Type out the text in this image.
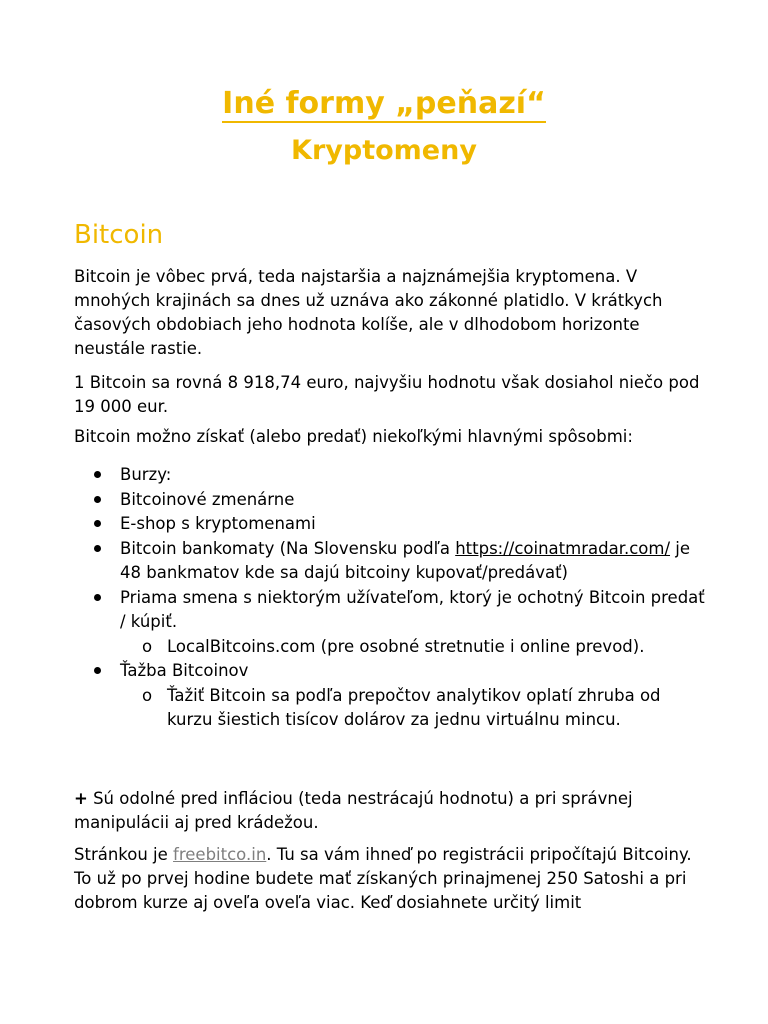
Iné formy „peňazí“
Kryptomeny
Bitcoin
Bitcoin je vôbec prvá, teda najstaršia a najznámejšia kryptomena. V mnohých krajinách sa dnes už uznáva ako zákonné platidlo. V krátkych časových obdobiach jeho hodnota kolíše, ale v dlhodobom horizonte neustále rastie.
1 Bitcoin sa rovná 8 918,74 euro, najvyšiu hodnotu však dosiahol niečo pod 19 000 eur.
Bitcoin možno získať (alebo predať) niekoľkými hlavnými spôsobmi:
Burzy:
Bitcoinové zmenárne
E-shop s kryptomenami
Bitcoin bankomaty (Na Slovensku podľa https://coinatmradar.com/ je 48 bankmatov kde sa dajú bitcoiny kupovať/predávať)
Priama smena s niektorým užívateľom, ktorý je ochotný Bitcoin predať / kúpiť.
o LocalBitcoins.com (pre osobné stretnutie i online prevod).
Ťažba Bitcoinov
o Ťažiť Bitcoin sa podľa prepočtov analytikov oplatí zhruba od kurzu šiestich tisícov dolárov za jednu virtuálnu mincu.
+ Sú odolné pred infláciou (teda nestrácajú hodnotu) a pri správnej manipulácii aj pred krádežou.
Stránkou je freebitco.in. Tu sa vám ihneď po registrácii pripočítajú Bitcoiny. To už po prvej hodine budete mať získaných prinajmenej 250 Satoshi a pri dobrom kurze aj oveľa oveľa viac. Keď dosiahnete určitý limit
